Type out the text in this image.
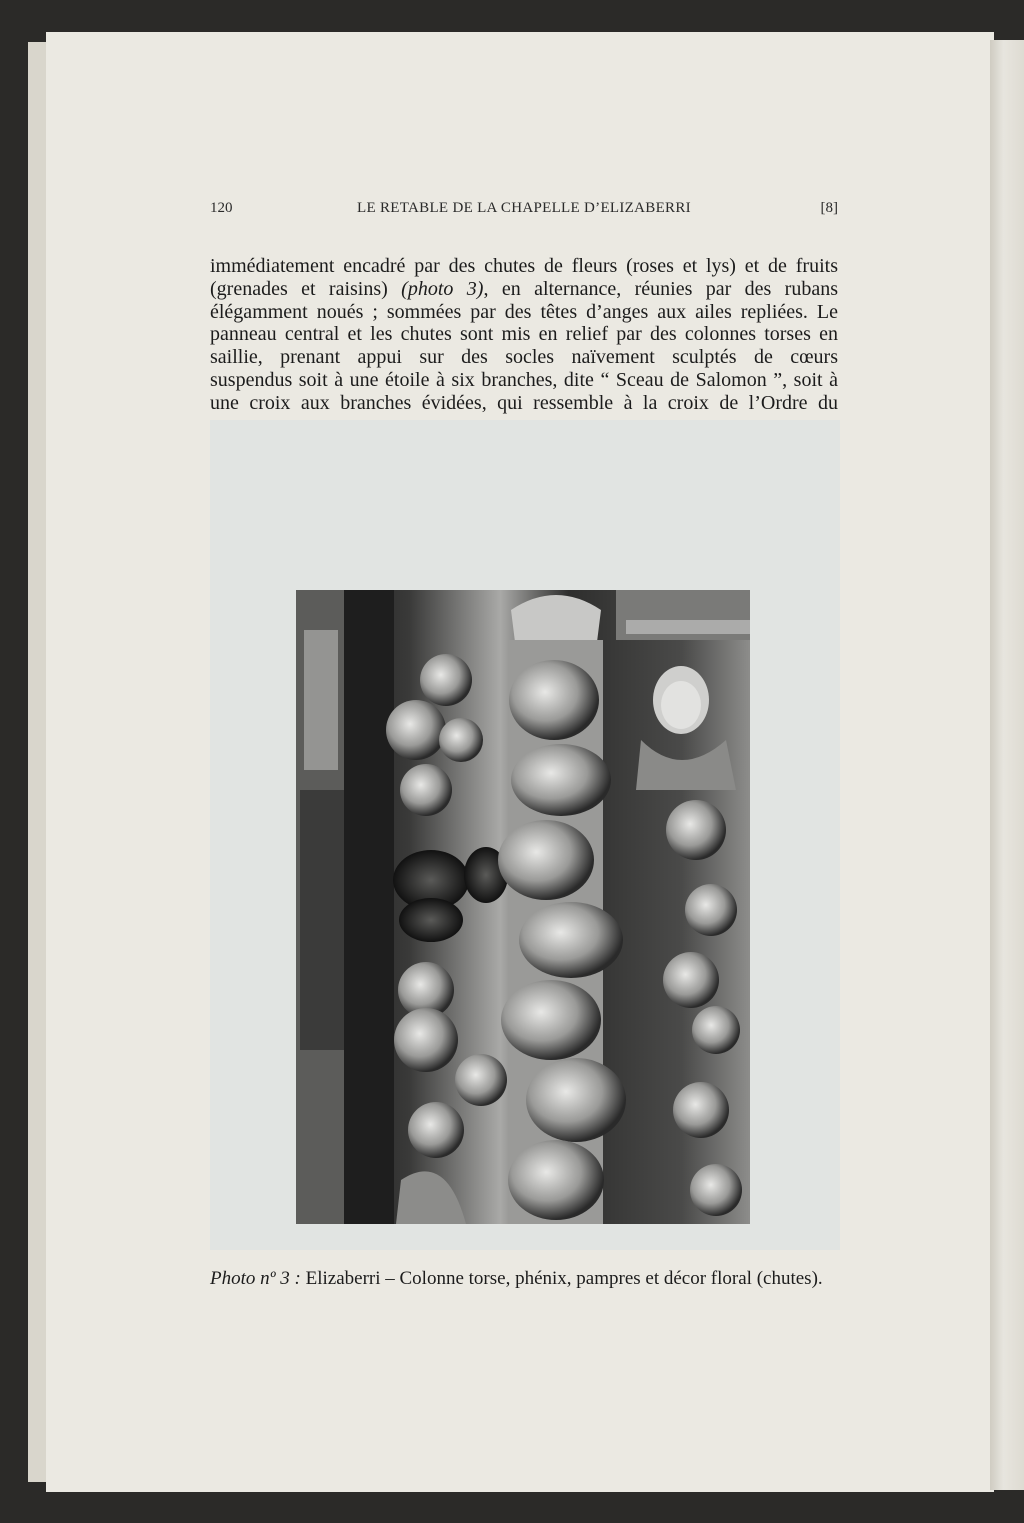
120	LE RETABLE DE LA CHAPELLE D’ELIZABERRI	[8]
immédiatement encadré par des chutes de fleurs (roses et lys) et de fruits
(grenades et raisins) (photo 3), en alternance, réunies par des rubans
élégamment noués ; sommées par des têtes d’anges aux ailes repliées. Le
panneau central et les chutes sont mis en relief par des colonnes torses en
saillie, prenant appui sur des socles naïvement sculptés de cœurs
suspendus soit à une étoile à six branches, dite “ Sceau de Salomon ”, soit à
une croix aux branches évidées, qui ressemble à la croix de l’Ordre du
Photo nº 3 : Elizaberri – Colonne torse, phénix, pampres et décor floral (chutes).
